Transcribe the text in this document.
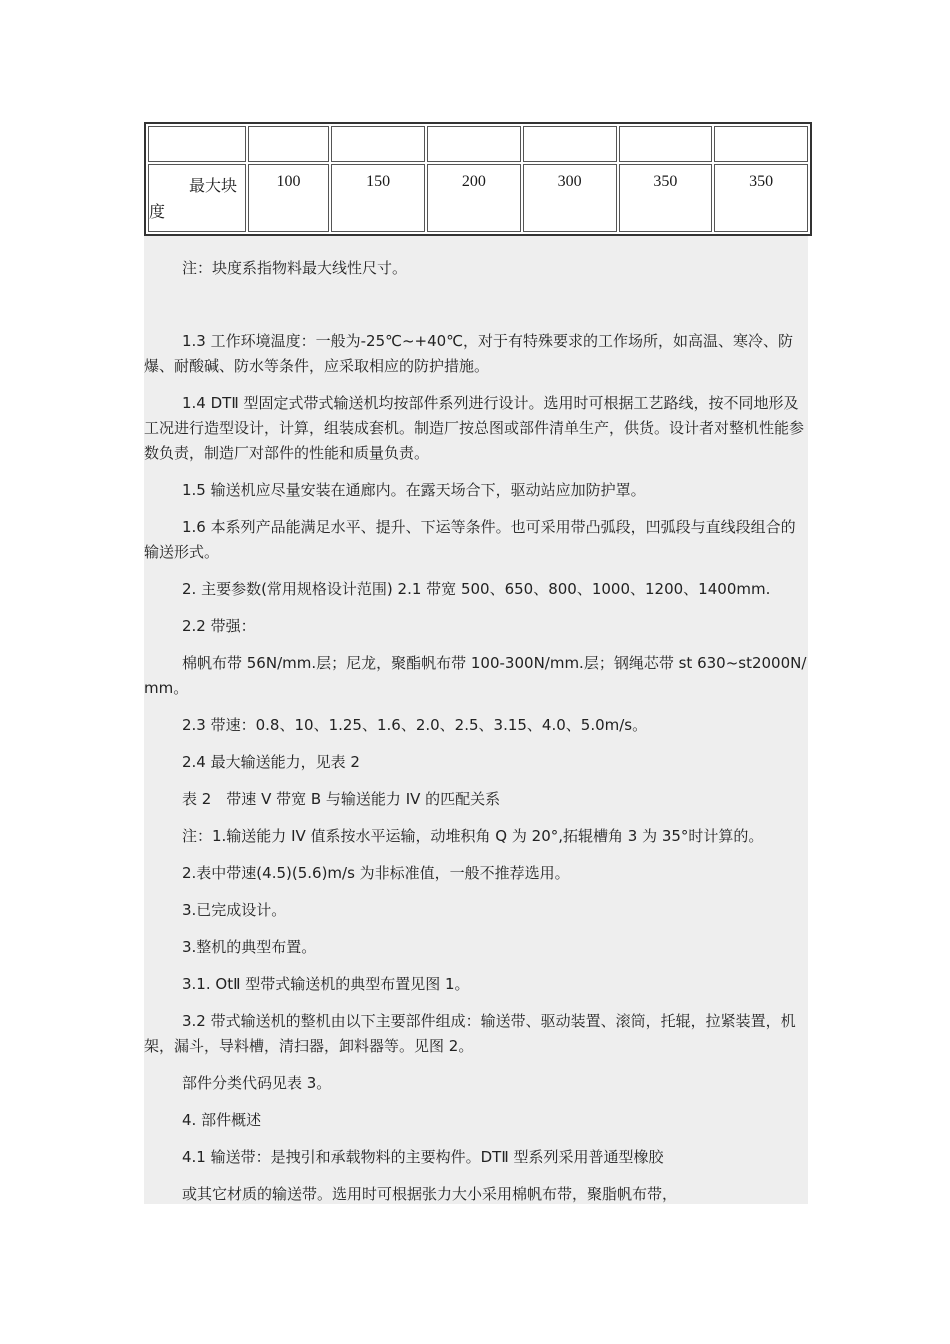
最大块
度	100	150	200	300	350	350

注：块度系指物料最大线性尺寸。

1.3 工作环境温度：一般为-25℃~+40℃，对于有特殊要求的工作场所，如高温、寒冷、防爆、耐酸碱、防水等条件，应采取相应的防护措施。

1.4 DTⅡ 型固定式带式输送机均按部件系列进行设计。选用时可根据工艺路线，按不同地形及工况进行造型设计，计算，组装成套机。制造厂按总图或部件清单生产，供货。设计者对整机性能参数负责，制造厂对部件的性能和质量负责。

1.5 输送机应尽量安装在通廊内。在露天场合下，驱动站应加防护罩。

1.6 本系列产品能满足水平、提升、下运等条件。也可采用带凸弧段，凹弧段与直线段组合的输送形式。

2. 主要参数(常用规格设计范围) 2.1 带宽 500、650、800、1000、1200、1400mm.

2.2 带强：

棉帆布带 56N/mm.层；尼龙，聚酯帆布带 100-300N/mm.层；钢绳芯带 st 630~st2000N/mm。

2.3 带速：0.8、10、1.25、1.6、2.0、2.5、3.15、4.0、5.0m/s。

2.4 最大输送能力，见表 2

表 2　带速 V 带宽 B 与输送能力 IV 的匹配关系

注：1.输送能力 IV 值系按水平运输，动堆积角 Q 为 20°,拓辊槽角 3 为 35°时计算的。

2.表中带速(4.5)(5.6)m/s 为非标准值，一般不推荐选用。

3.已完成设计。

3.整机的典型布置。

3.1. OtⅡ 型带式输送机的典型布置见图 1。

3.2 带式输送机的整机由以下主要部件组成：输送带、驱动装置、滚筒，托辊，拉紧装置，机架，漏斗，导料槽，清扫器，卸料器等。见图 2。

部件分类代码见表 3。

4. 部件概述

4.1 输送带：是拽引和承载物料的主要构件。DTⅡ 型系列采用普通型橡胶

或其它材质的输送带。选用时可根据张力大小采用棉帆布带，聚脂帆布带，
